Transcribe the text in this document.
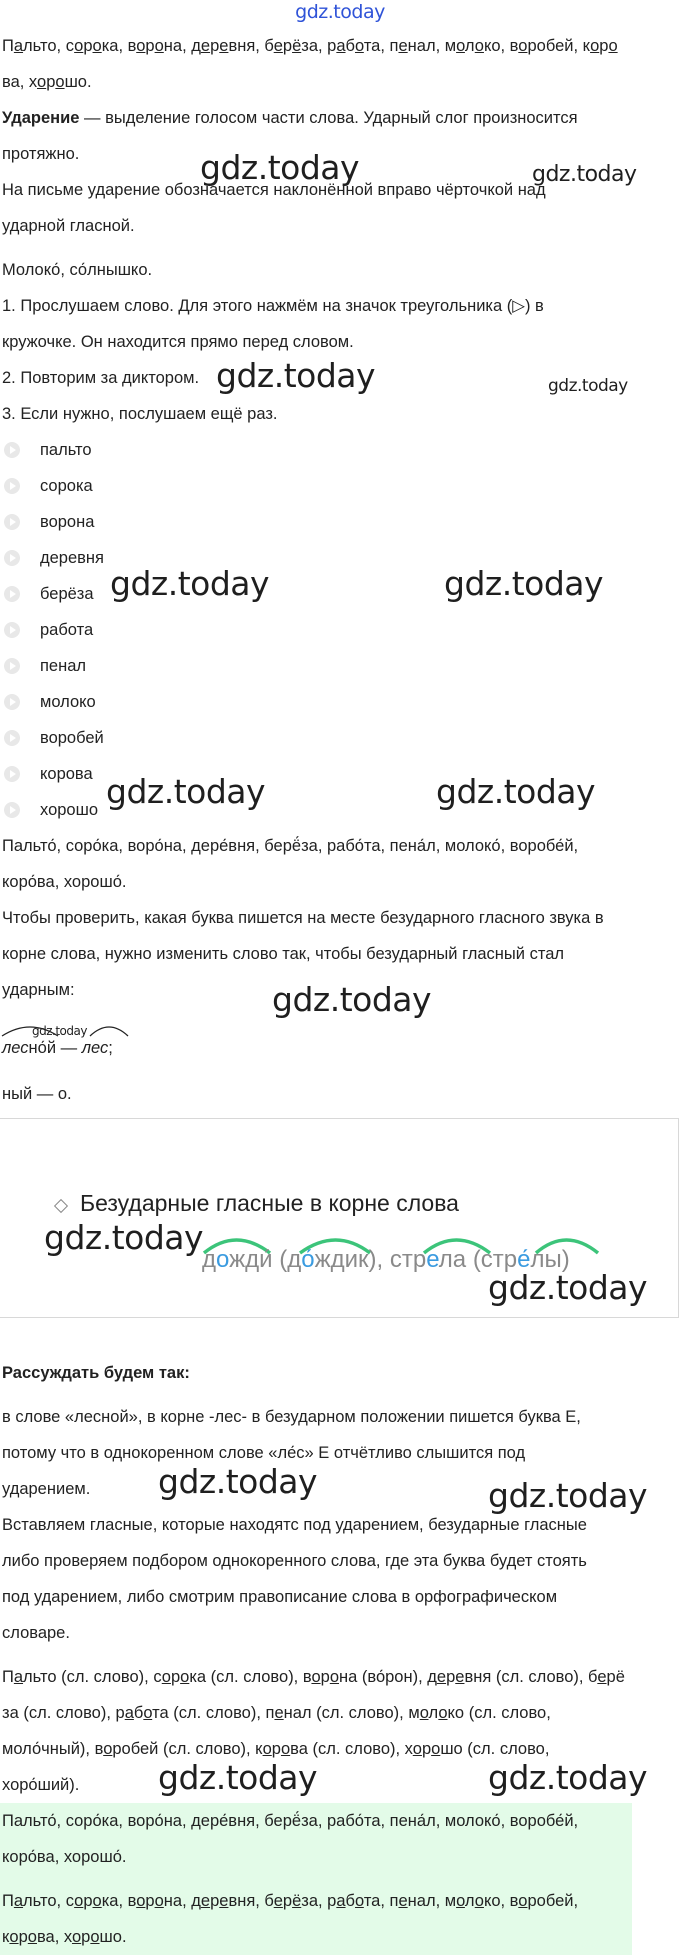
gdz.today
Пальто, сорока, ворона, деревня, берёза, работа, пенал, молоко, воробей, коро
ва, хорошо.
Ударение — выделение голосом части слова. Ударный слог произносится
протяжно.
На письме ударение обозначается наклонённой вправо чёрточкой над
ударной гласной.
Молоко́, со́лнышко.
1. Прослушаем слово. Для этого нажмём на значок треугольника (▷) в
кружочке. Он находится прямо перед словом.
2. Повторим за диктором.
3. Если нужно, послушаем ещё раз.
пальто
сорока
ворона
деревня
берёза
работа
пенал
молоко
воробей
корова
хорошо
Пальто́, соро́ка, воро́на, дере́вня, берё́за, рабо́та, пена́л, молоко́, воробе́й,
коро́ва, хорошо́.
Чтобы проверить, какая буква пишется на месте безударного гласного звука в
корне слова, нужно изменить слово так, чтобы безударный гласный стал
ударным:
лесно́й — лес;
ный — о.
Безударные гласные в корне слова
дожди́ (до́ждик), стрела (стре́лы)
Рассуждать будем так:
в слове «лесной», в корне -лес- в безударном положении пишется буква Е,
потому что в однокоренном слове «ле́с» Е отчётливо слышится под
ударением.
Вставляем гласные, которые находятс под ударением, безударные гласные
либо проверяем подбором однокоренного слова, где эта буква будет стоять
под ударением, либо смотрим правописание слова в орфографическом
словаре.
Пальто (сл. слово), сорока (сл. слово), ворона (во́рон), деревня (сл. слово), берё
за (сл. слово), работа (сл. слово), пенал (сл. слово), молоко (сл. слово,
моло́чный), воробей (сл. слово), корова (сл. слово), хорошо (сл. слово,
хоро́ший).
Пальто́, соро́ка, воро́на, дере́вня, берё́за, рабо́та, пена́л, молоко́, воробе́й,
коро́ва, хорошо́.
Пальто, сорока, ворона, деревня, берёза, работа, пенал, молоко, воробей,
корова, хорошо.
gdz.today	gdz.today
gdz.today	gdz.today
gdz.today	gdz.today
gdz.today	gdz.today
gdz.today
gdz.today
gdz.today
gdz.today
gdz.today	gdz.today
gdz.today	gdz.today
